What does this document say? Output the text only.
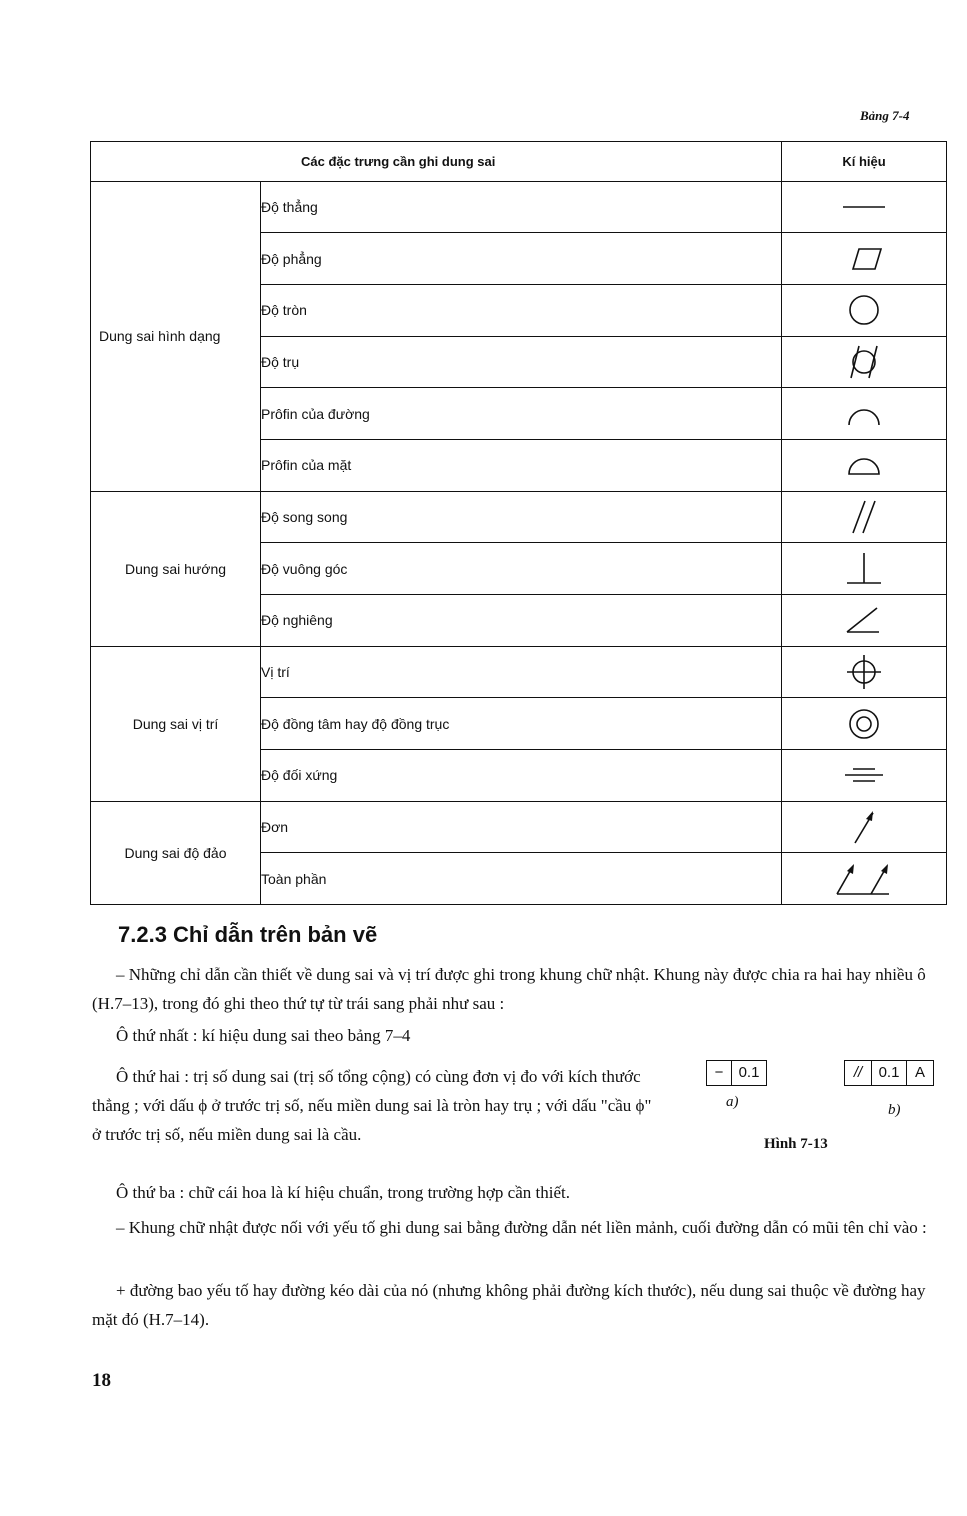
Bảng 7-4
Các đặc trưng cần ghi dung sai		Kí hiệu
Dung sai hình dạng	Độ thẳng	

	Độ phẳng	

	Độ tròn	

	Độ trụ	

	Prôfin của đường	

	Prôfin của mặt	

Dung sai hướng	Độ song song	

	Độ vuông góc	

	Độ nghiêng	

Dung sai vị trí	Vị trí	

	Độ đồng tâm hay độ đồng trục	

	Độ đối xứng	

Dung sai độ đảo	Đơn	

	Toàn phần	
7.2.3 Chỉ dẫn trên bản vẽ
– Những chỉ dẫn cần thiết về dung sai và vị trí được ghi trong khung chữ nhật. Khung này được chia ra hai hay nhiều ô (H.7–13), trong đó ghi theo thứ tự từ trái sang phải như sau :
Ô thứ nhất : kí hiệu dung sai theo bảng 7–4
Ô thứ hai : trị số dung sai (trị số tổng cộng) có cùng đơn vị đo với kích thước thẳng ; với dấu ϕ ở trước trị số, nếu miền dung sai là tròn hay trụ ; với dấu "cầu ϕ" ở trước trị số, nếu miền dung sai là cầu.
−	0.1
a)
//	0.1	A
b)
Hình 7-13
Ô thứ ba : chữ cái hoa là kí hiệu chuẩn, trong trường hợp cần thiết.
– Khung chữ nhật được nối với yếu tố ghi dung sai bằng đường dẫn nét liền mảnh, cuối đường dẫn có mũi tên chỉ vào :
+ đường bao yếu tố hay đường kéo dài của nó (nhưng không phải đường kích thước), nếu dung sai thuộc về đường hay mặt đó (H.7–14).
18
